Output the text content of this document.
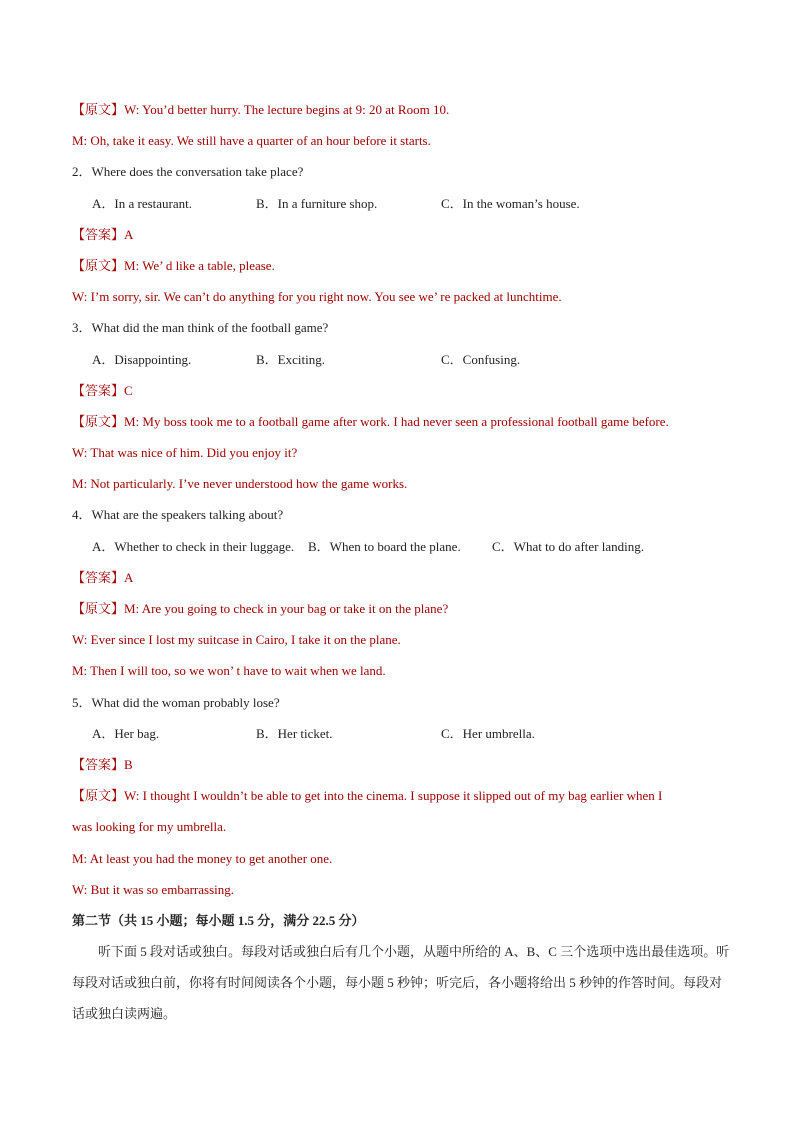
【原文】W: You’d better hurry. The lecture begins at 9: 20 at Room 10.
M: Oh, take it easy. We still have a quarter of an hour before it starts.
2．Where does the conversation take place?
A．In a restaurant.	B．In a furniture shop.	C．In the woman’s house.
【答案】A
【原文】M: We’ d like a table, please.
W: I’m sorry, sir. We can’t do anything for you right now. You see we’ re packed at lunchtime.
3．What did the man think of the football game?
A．Disappointing.	B．Exciting.	C．Confusing.
【答案】C
【原文】M: My boss took me to a football game after work. I had never seen a professional football game before.
W: That was nice of him. Did you enjoy it?
M: Not particularly. I’ve never understood how the game works.
4．What are the speakers talking about?
A．Whether to check in their luggage. B．When to board the plane. C．What to do after landing.
【答案】A
【原文】M: Are you going to check in your bag or take it on the plane?
W: Ever since I lost my suitcase in Cairo, I take it on the plane.
M: Then I will too, so we won’ t have to wait when we land.
5．What did the woman probably lose?
A．Her bag.	B．Her ticket.	C．Her umbrella.
【答案】B
【原文】W: I thought I wouldn’t be able to get into the cinema. I suppose it slipped out of my bag earlier when I
was looking for my umbrella.
M: At least you had the money to get another one.
W: But it was so embarrassing.
第二节（共 15 小题；每小题 1.5 分，满分 22.5 分）
听下面 5 段对话或独白。每段对话或独白后有几个小题，从题中所给的 A、B、C 三个选项中选出最佳选项。听每段对话或独白前，你将有时间阅读各个小题，每小题 5 秒钟；听完后，各小题将给出 5 秒钟的作答时间。每段对话或独白读两遍。
